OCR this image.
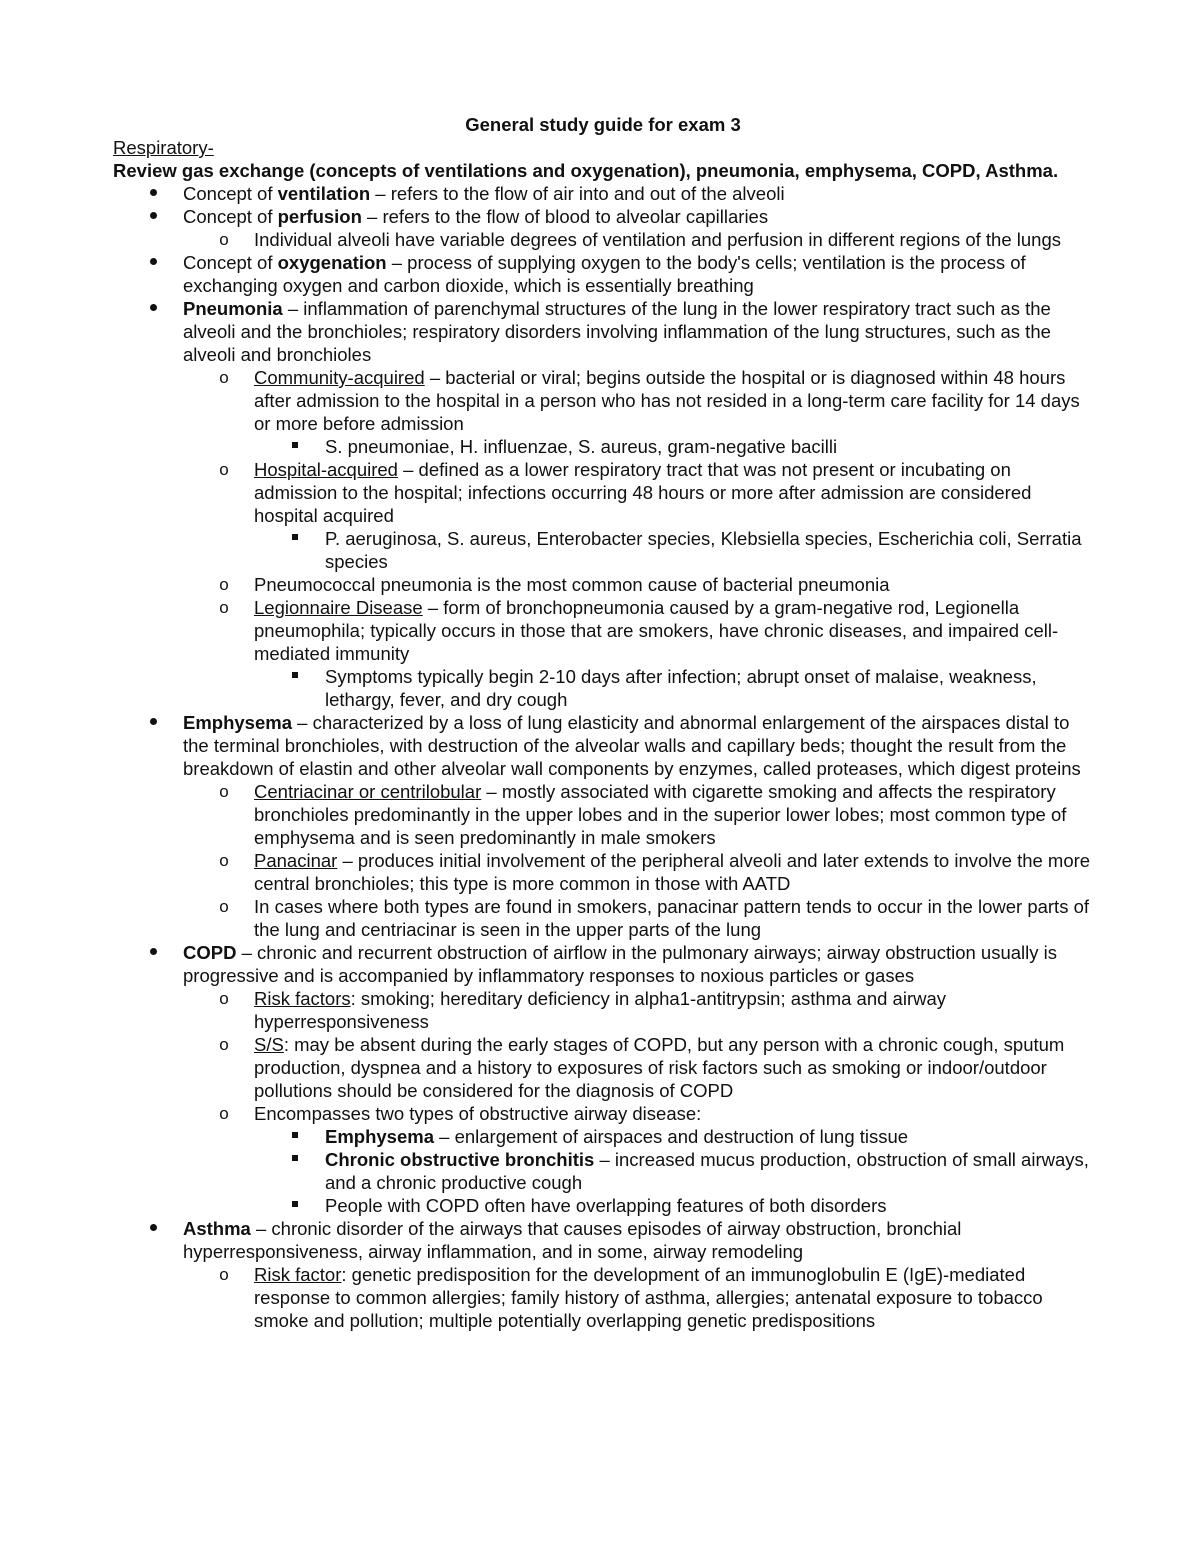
General study guide for exam 3
Respiratory-
Review gas exchange (concepts of ventilations and oxygenation), pneumonia, emphysema, COPD, Asthma.
Concept of ventilation – refers to the flow of air into and out of the alveoli
Concept of perfusion – refers to the flow of blood to alveolar capillaries
o Individual alveoli have variable degrees of ventilation and perfusion in different regions of the lungs
Concept of oxygenation – process of supplying oxygen to the body's cells; ventilation is the process of exchanging oxygen and carbon dioxide, which is essentially breathing
Pneumonia – inflammation of parenchymal structures of the lung in the lower respiratory tract such as the alveoli and the bronchioles; respiratory disorders involving inflammation of the lung structures, such as the alveoli and bronchioles
o Community-acquired – bacterial or viral; begins outside the hospital or is diagnosed within 48 hours after admission to the hospital in a person who has not resided in a long-term care facility for 14 days or more before admission
S. pneumoniae, H. influenzae, S. aureus, gram-negative bacilli
o Hospital-acquired – defined as a lower respiratory tract that was not present or incubating on admission to the hospital; infections occurring 48 hours or more after admission are considered hospital acquired
P. aeruginosa, S. aureus, Enterobacter species, Klebsiella species, Escherichia coli, Serratia species
o Pneumococcal pneumonia is the most common cause of bacterial pneumonia
o Legionnaire Disease – form of bronchopneumonia caused by a gram-negative rod, Legionella pneumophila; typically occurs in those that are smokers, have chronic diseases, and impaired cell-mediated immunity
Symptoms typically begin 2-10 days after infection; abrupt onset of malaise, weakness, lethargy, fever, and dry cough
Emphysema – characterized by a loss of lung elasticity and abnormal enlargement of the airspaces distal to the terminal bronchioles, with destruction of the alveolar walls and capillary beds; thought the result from the breakdown of elastin and other alveolar wall components by enzymes, called proteases, which digest proteins
o Centriacinar or centrilobular – mostly associated with cigarette smoking and affects the respiratory bronchioles predominantly in the upper lobes and in the superior lower lobes; most common type of emphysema and is seen predominantly in male smokers
o Panacinar – produces initial involvement of the peripheral alveoli and later extends to involve the more central bronchioles; this type is more common in those with AATD
o In cases where both types are found in smokers, panacinar pattern tends to occur in the lower parts of the lung and centriacinar is seen in the upper parts of the lung
COPD – chronic and recurrent obstruction of airflow in the pulmonary airways; airway obstruction usually is progressive and is accompanied by inflammatory responses to noxious particles or gases
o Risk factors: smoking; hereditary deficiency in alpha1-antitrypsin; asthma and airway hyperresponsiveness
o S/S: may be absent during the early stages of COPD, but any person with a chronic cough, sputum production, dyspnea and a history to exposures of risk factors such as smoking or indoor/outdoor pollutions should be considered for the diagnosis of COPD
o Encompasses two types of obstructive airway disease:
Emphysema – enlargement of airspaces and destruction of lung tissue
Chronic obstructive bronchitis – increased mucus production, obstruction of small airways, and a chronic productive cough
People with COPD often have overlapping features of both disorders
Asthma – chronic disorder of the airways that causes episodes of airway obstruction, bronchial hyperresponsiveness, airway inflammation, and in some, airway remodeling
o Risk factor: genetic predisposition for the development of an immunoglobulin E (IgE)-mediated response to common allergies; family history of asthma, allergies; antenatal exposure to tobacco smoke and pollution; multiple potentially overlapping genetic predispositions
